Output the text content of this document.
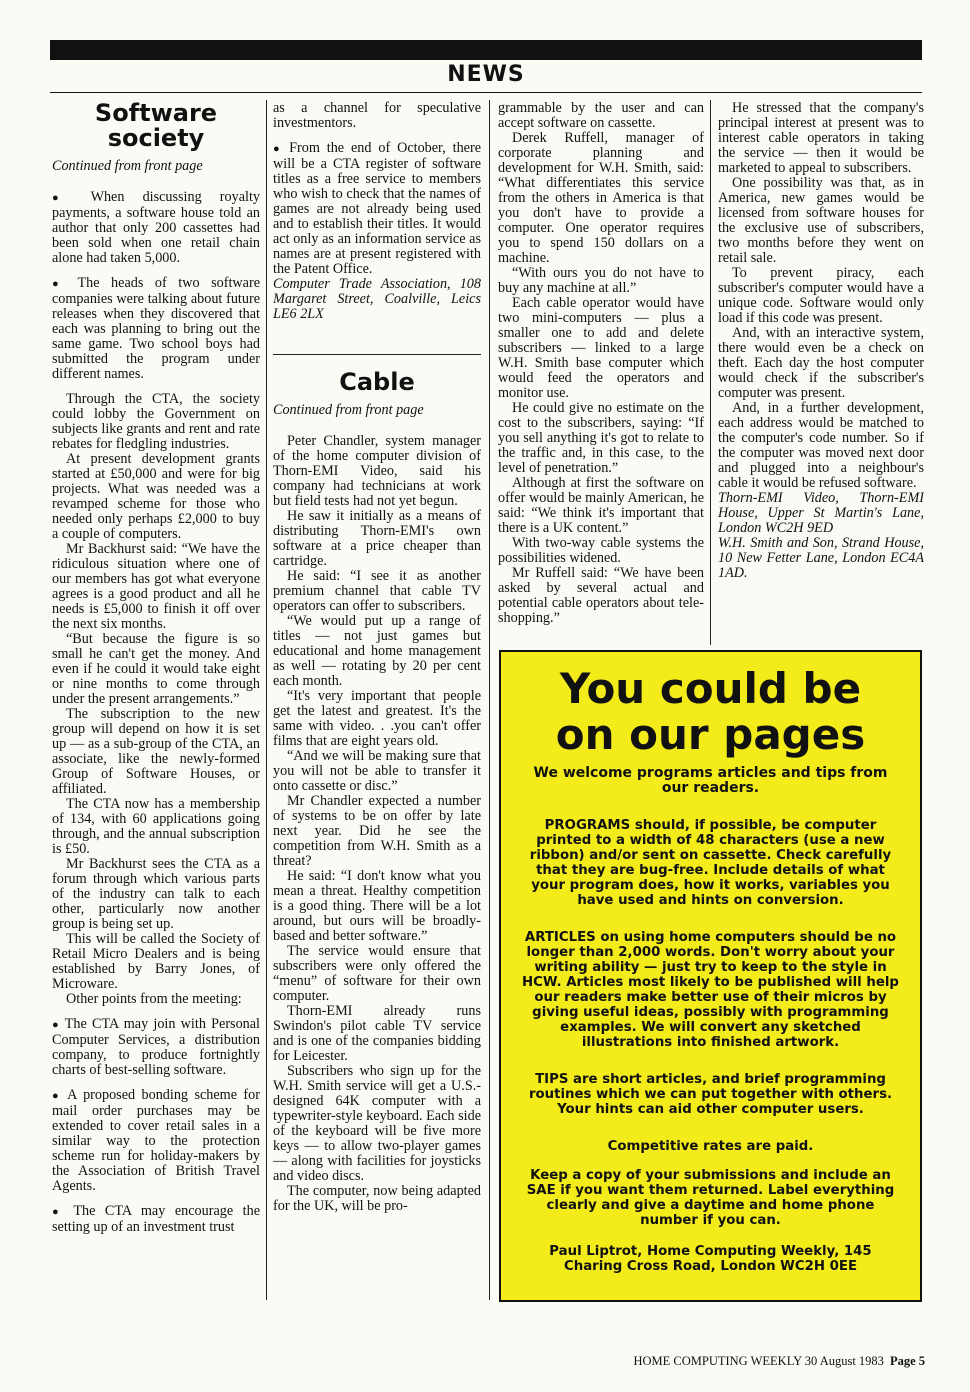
NEWS
Software society

Continued from front page

● When discussing royalty payments, a software house told an author that only 200 cassettes had been sold when one retail chain alone had taken 5,000.

● The heads of two software companies were talking about future releases when they discovered that each was planning to bring out the same game. Two school boys had submitted the program under different names.

Through the CTA, the society could lobby the Government on subjects like grants and rent and rate rebates for fledgling industries.

At present development grants started at £50,000 and were for big projects. What was needed was a revamped scheme for those who needed only perhaps £2,000 to buy a couple of computers.

Mr Backhurst said: “We have the ridiculous situation where one of our members has got what everyone agrees is a good product and all he needs is £5,000 to finish it off over the next six months.

“But because the figure is so small he can't get the money. And even if he could it would take eight or nine months to come through under the present arrangements.”

The subscription to the new group will depend on how it is set up — as a sub-group of the CTA, an associate, like the newly-formed Group of Software Houses, or affiliated.

The CTA now has a membership of 134, with 60 applications going through, and the annual subscription is £50.

Mr Backhurst sees the CTA as a forum through which various parts of the industry can talk to each other, particularly now another group is being set up.

This will be called the Society of Retail Micro Dealers and is being established by Barry Jones, of Microware.

Other points from the meeting:

● The CTA may join with Personal Computer Services, a distribution company, to produce fortnightly charts of best-selling software.

● A proposed bonding scheme for mail order purchases may be extended to cover retail sales in a similar way to the protection scheme run for holiday-makers by the Association of British Travel Agents.

● The CTA may encourage the setting up of an investment trust

as a channel for speculative investmentors.

● From the end of October, there will be a CTA register of software titles as a free service to members who wish to check that the names of games are not already being used and to establish their titles. It would act only as an information service as names are at present registered with the Patent Office.

Computer Trade Association, 108 Margaret Street, Coalville, Leics LE6 2LX

Cable

Continued from front page

Peter Chandler, system manager of the home computer division of Thorn-EMI Video, said his company had technicians at work but field tests had not yet begun.

He saw it initially as a means of distributing Thorn-EMI's own software at a price cheaper than cartridge.

He said: “I see it as another premium channel that cable TV operators can offer to subscribers.

“We would put up a range of titles — not just games but educational and home management as well — rotating by 20 per cent each month.

“It's very important that people get the latest and greatest. It's the same with video. . .you can't offer films that are eight years old.

“And we will be making sure that you will not be able to transfer it onto cassette or disc.”

Mr Chandler expected a number of systems to be on offer by late next year. Did he see the competition from W.H. Smith as a threat?

He said: “I don't know what you mean a threat. Healthy competition is a good thing. There will be a lot around, but ours will be broadly-based and better software.”

The service would ensure that subscribers were only offered the “menu” of software for their own computer.

Thorn-EMI already runs Swindon's pilot cable TV service and is one of the companies bidding for Leicester.

Subscribers who sign up for the W.H. Smith service will get a U.S.-designed 64K computer with a typewriter-style keyboard. Each side of the keyboard will be five more keys — to allow two-player games — along with facilities for joysticks and video discs.

The computer, now being adapted for the UK, will be pro-

grammable by the user and can accept software on cassette.

Derek Ruffell, manager of corporate planning and development for W.H. Smith, said: “What differentiates this service from the others in America is that you don't have to provide a computer. One operator requires you to spend 150 dollars on a machine.

“With ours you do not have to buy any machine at all.”

Each cable operator would have two mini-computers — plus a smaller one to add and delete subscribers — linked to a large W.H. Smith base computer which would feed the operators and monitor use.

He could give no estimate on the cost to the subscribers, saying: “If you sell anything it's got to relate to the traffic and, in this case, to the level of penetration.”

Although at first the software on offer would be mainly American, he said: “We think it's important that there is a UK content.”

With two-way cable systems the possibilities widened.

Mr Ruffell said: “We have been asked by several actual and potential cable operators about tele-shopping.”

He stressed that the company's principal interest at present was to interest cable operators in taking the service — then it would be marketed to appeal to subscribers.

One possibility was that, as in America, new games would be licensed from software houses for the exclusive use of subscribers, two months before they went on retail sale.

To prevent piracy, each subscriber's computer would have a unique code. Software would only load if this code was present.

And, with an interactive system, there would even be a check on theft. Each day the host computer would check if the subscriber's computer was present.

And, in a further development, each address would be matched to the computer's code number. So if the computer was moved next door and plugged into a neighbour's cable it would be refused software.

Thorn-EMI Video, Thorn-EMI House, Upper St Martin's Lane, London WC2H 9ED

W.H. Smith and Son, Strand House, 10 New Fetter Lane, London EC4A 1AD.

You could be
on our pages

We welcome programs articles and tips from our readers.

PROGRAMS should, if possible, be computer printed to a width of 48 characters (use a new ribbon) and/or sent on cassette. Check carefully that they are bug-free. Include details of what your program does, how it works, variables you have used and hints on conversion.

ARTICLES on using home computers should be no longer than 2,000 words. Don't worry about your writing ability — just try to keep to the style in HCW. Articles most likely to be published will help our readers make better use of their micros by giving useful ideas, possibly with programming examples. We will convert any sketched illustrations into finished artwork.

TIPS are short articles, and brief programming routines which we can put together with others. Your hints can aid other computer users.

Competitive rates are paid.

Keep a copy of your submissions and include an SAE if you want them returned. Label everything clearly and give a daytime and home phone number if you can.

Paul Liptrot, Home Computing Weekly, 145 Charing Cross Road, London WC2H 0EE

HOME COMPUTING WEEKLY 30 August 1983 Page 5
